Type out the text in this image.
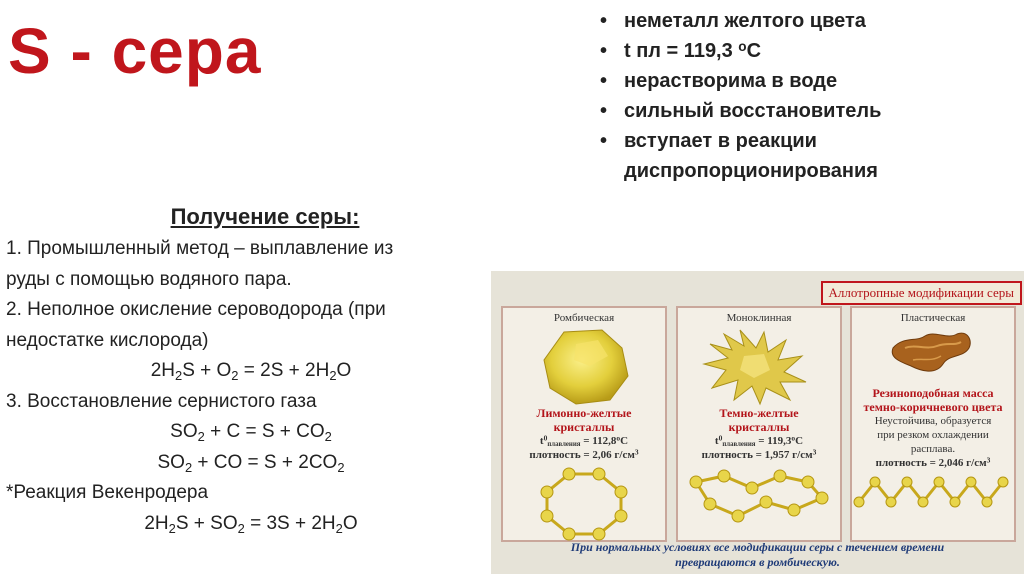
S - сера	• неметалл желтого цвета
• t пл = 119,3 $^о$С
• нерастворима в воде
• сильный восстановитель
• вступает в реакции
диспропорционирования
Получение серы:
1. Промышленный метод – выплавление из
руды с помощью водяного пара.
2. Неполное окисление сероводорода (при
недостатке кислорода)
$2H_2S + O_2 = 2S + 2H_2O$
3. Восстановление сернистого газа
$SO_2 + C = S + CO_2$
$SO_2$ + CO = $S + 2CO_2$
*Реакция Векенродера
$2H_2S + SO_2 = 3S + 2H_2O$
Аллотропные модификации серы
Ромбическая
Лимонно-желтые
кристаллы
$t^0_{плавления} = 112,8^оС$
плотность = 2,06 $г/см^3$
Моноклинная
Темно-желтые
кристаллы
$t^0_{плавления} = 119,3^оС$
плотность = 1,957 $г/см^3$
Пластическая
Резиноподобная масса
темно-коричневого цвета
Неустойчива, образуется
при резком охлаждении
расплава.
плотность = 2,046 $г/см^3$
При нормальных условиях все модификации серы с течением времени
превращаются в ромбическую.
